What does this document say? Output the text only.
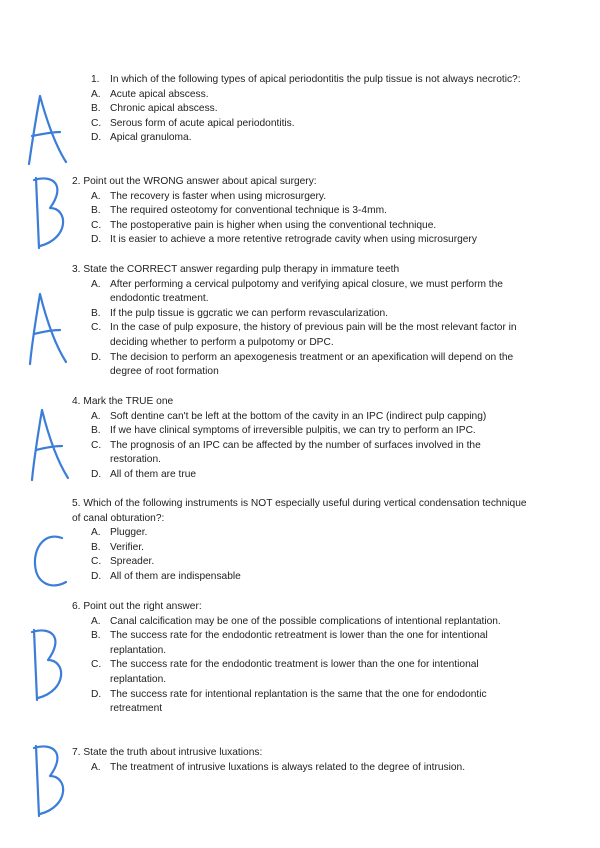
1. In which of the following types of apical periodontitis the pulp tissue is not always necrotic?:

A. Acute apical abscess.
B. Chronic apical abscess.
C. Serous form of acute apical periodontitis.
D. Apical granuloma.

2. Point out the WRONG answer about apical surgery:

A. The recovery is faster when using microsurgery.
B. The required osteotomy for conventional technique is 3-4mm.
C. The postoperative pain is higher when using the conventional technique.
D. It is easier to achieve a more retentive retrograde cavity when using microsurgery

3. State the CORRECT answer regarding pulp therapy in immature teeth

A. After performing a cervical pulpotomy and verifying apical closure, we must perform the endodontic treatment.
B. If the pulp tissue is ggcratic we can perform revascularization.
C. In the case of pulp exposure, the history of previous pain will be the most relevant factor in deciding whether to perform a pulpotomy or DPC.
D. The decision to perform an apexogenesis treatment or an apexification will depend on the degree of root formation

4. Mark the TRUE one

A. Soft dentine can't be left at the bottom of the cavity in an IPC (indirect pulp capping)
B. If we have clinical symptoms of irreversible pulpitis, we can try to perform an IPC.
C. The prognosis of an IPC can be affected by the number of surfaces involved in the restoration.
D. All of them are true

5. Which of the following instruments is NOT especially useful during vertical condensation technique of canal obturation?:

A. Plugger.
B. Verifier.
C. Spreader.
D. All of them are indispensable

6. Point out the right answer:

A. Canal calcification may be one of the possible complications of intentional replantation.
B. The success rate for the endodontic retreatment is lower than the one for intentional replantation.
C. The success rate for the endodontic treatment is lower than the one for intentional replantation.
D. The success rate for intentional replantation is the same that the one for endodontic retreatment

7. State the truth about intrusive luxations:

A. The treatment of intrusive luxations is always related to the degree of intrusion.
